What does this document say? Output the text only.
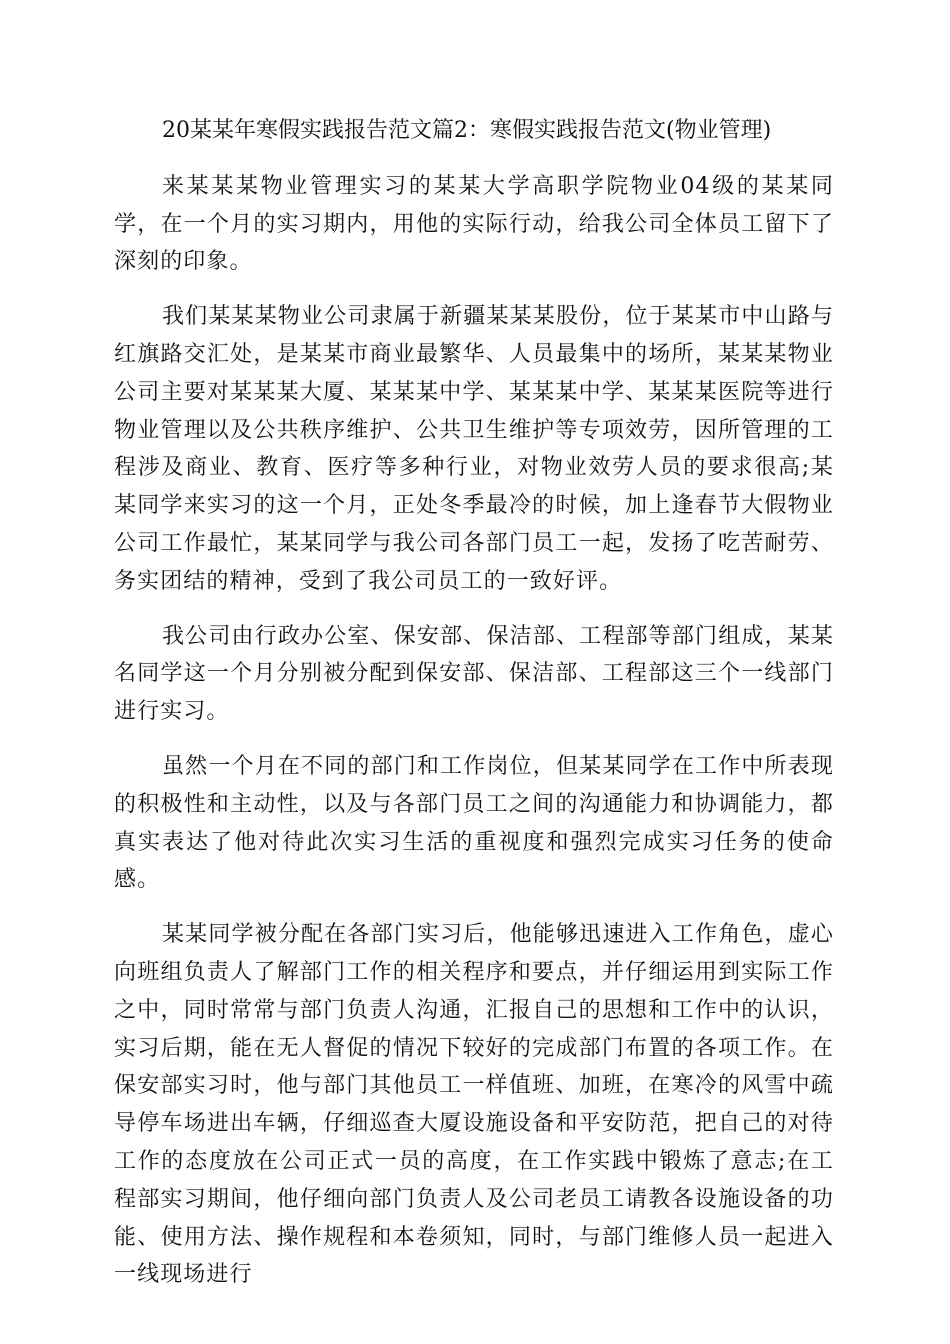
20某某年寒假实践报告范文篇2：寒假实践报告范文(物业管理)

来某某某物业管理实习的某某大学高职学院物业04级的某某同学，在一个月的实习期内，用他的实际行动，给我公司全体员工留下了深刻的印象。

我们某某某物业公司隶属于新疆某某某股份，位于某某市中山路与红旗路交汇处，是某某市商业最繁华、人员最集中的场所，某某某物业公司主要对某某某大厦、某某某中学、某某某中学、某某某医院等进行物业管理以及公共秩序维护、公共卫生维护等专项效劳，因所管理的工程涉及商业、教育、医疗等多种行业，对物业效劳人员的要求很高;某某同学来实习的这一个月，正处冬季最冷的时候，加上逢春节大假物业公司工作最忙，某某同学与我公司各部门员工一起，发扬了吃苦耐劳、务实团结的精神，受到了我公司员工的一致好评。

我公司由行政办公室、保安部、保洁部、工程部等部门组成，某某名同学这一个月分别被分配到保安部、保洁部、工程部这三个一线部门进行实习。

虽然一个月在不同的部门和工作岗位，但某某同学在工作中所表现的积极性和主动性，以及与各部门员工之间的沟通能力和协调能力，都真实表达了他对待此次实习生活的重视度和强烈完成实习任务的使命感。

某某同学被分配在各部门实习后，他能够迅速进入工作角色，虚心向班组负责人了解部门工作的相关程序和要点，并仔细运用到实际工作之中，同时常常与部门负责人沟通，汇报自己的思想和工作中的认识，实习后期，能在无人督促的情况下较好的完成部门布置的各项工作。在保安部实习时，他与部门其他员工一样值班、加班，在寒冷的风雪中疏导停车场进出车辆，仔细巡查大厦设施设备和平安防范，把自己的对待工作的态度放在公司正式一员的高度，在工作实践中锻炼了意志;在工程部实习期间，他仔细向部门负责人及公司老员工请教各设施设备的功能、使用方法、操作规程和本卷须知，同时，与部门维修人员一起进入一线现场进行
